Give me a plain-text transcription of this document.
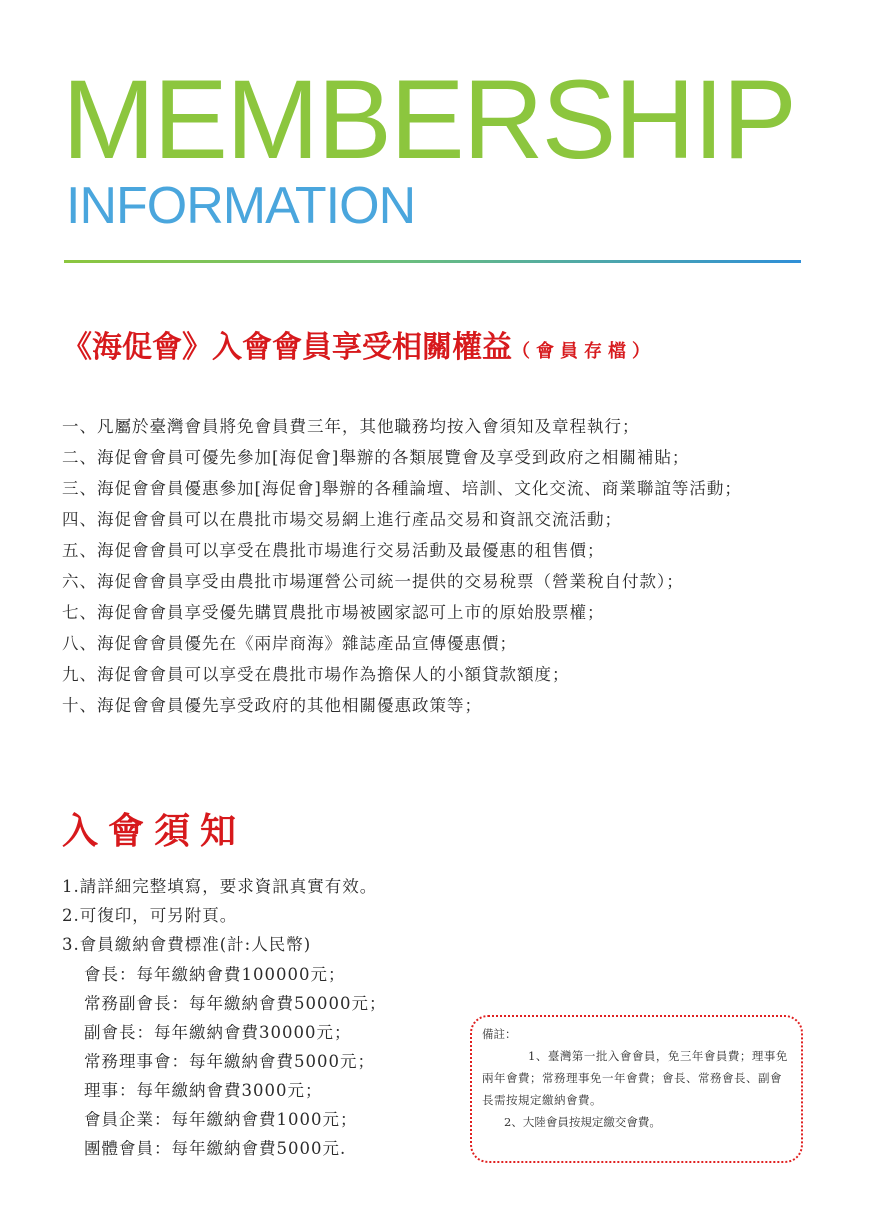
MEMBERSHIP
INFORMATION
《海促會》入會會員享受相關權益（會員存檔）
一、凡屬於臺灣會員將免會員費三年，其他職務均按入會須知及章程執行；
二、海促會會員可優先參加[海促會]舉辦的各類展覽會及享受到政府之相關補貼；
三、海促會會員優惠參加[海促會]舉辦的各種論壇、培訓、文化交流、商業聯誼等活動；
四、海促會會員可以在農批市場交易網上進行產品交易和資訊交流活動；
五、海促會會員可以享受在農批市場進行交易活動及最優惠的租售價；
六、海促會會員享受由農批市場運營公司統一提供的交易稅票（營業稅自付款）；
七、海促會會員享受優先購買農批市場被國家認可上市的原始股票權；
八、海促會會員優先在《兩岸商海》雜誌產品宣傳優惠價；
九、海促會會員可以享受在農批市場作為擔保人的小額貸款額度；
十、海促會會員優先享受政府的其他相關優惠政策等；
入會須知
1.請詳細完整填寫，要求資訊真實有效。
2.可復印，可另附頁。
3.會員繳納會費標准(計:人民幣)
會長：每年繳納會費100000元；
常務副會長：每年繳納會費50000元；
副會長：每年繳納會費30000元；
常務理事會：每年繳納會費5000元；
理事：每年繳納會費3000元；
會員企業：每年繳納會費1000元；
團體會員：每年繳納會費5000元.

備註：

1、臺灣第一批入會會員，免三年會員費；理事免兩年會費；常務理事免一年會費；會長、常務會長、副會長需按規定繳納會費。

2、大陸會員按規定繳交會費。
